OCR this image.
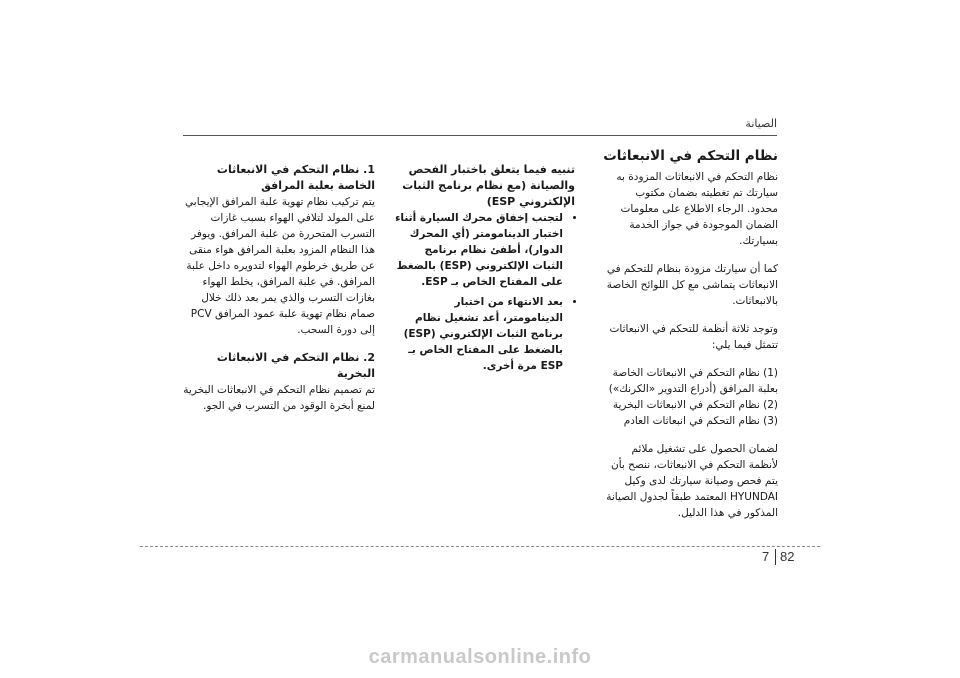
الصيانة
نظام التحكم في الانبعاثات

نظام التحكم في الانبعاثات المزودة به سيارتك تم تغطيته بضمان مكتوب محدود. الرجاء الاطلاع على معلومات الضمان الموجودة في جواز الخدمة بسيارتك.

كما أن سيارتك مزودة بنظام للتحكم في الانبعاثات يتماشى مع كل اللوائح الخاصة بالانبعاثات.

وتوجد ثلاثة أنظمة للتحكم في الانبعاثات تتمثل فيما يلي:

(1) نظام التحكم في الانبعاثات الخاصة بعلبة المرافق (أدراع التدوير «الكرنك»)
(2) نظام التحكم في الانبعاثات البخرية
(3) نظام التحكم في انبعاثات العادم

لضمان الحصول على تشغيل ملائم لأنظمة التحكم في الانبعاثات، ننصح بأن يتم فحص وصيانة سيارتك لدى وكيل HYUNDAI المعتمد طبقاً لجدول الصيانة المذكور في هذا الدليل.

تنبيه فيما يتعلق باختبار الفحص والصيانة (مع نظام برنامج الثبات الإلكتروني ESP)
• لتجنب إخفاق محرك السيارة أثناء اختبار الدينامومتر (أي المحرك الدوار)، أطفئ نظام برنامج الثبات الإلكتروني (ESP) بالضغط على المفتاح الخاص بـ ESP.
• بعد الانتهاء من اختبار الدينامومتر، أعد تشغيل نظام برنامج الثبات الإلكتروني (ESP) بالضغط على المفتاح الخاص بـ ESP مرة أخرى.
1. نظام التحكم في الانبعاثات الخاصة بعلبة المرافق

يتم تركيب نظام تهوية علبة المرافق الإيجابي على المولد لتلافي الهواء بسبب غازات التسرب المتحررة من علبة المرافق. ويوفر هذا النظام المزود بعلبة المرافق هواء منقى عن طريق خرطوم الهواء لتدويره داخل علبة المرافق. في علبة المرافق، يخلط الهواء بغازات التسرب والذي يمر بعد ذلك خلال صمام نظام تهوية علبة عمود المرافق PCV إلى دورة السحب.

2. نظام التحكم في الانبعاثات البخرية

تم تصميم نظام التحكم في الانبعاثات البخرية لمنع أبخرة الوقود من التسرب في الجو.

7 82
carmanualsonline.info
